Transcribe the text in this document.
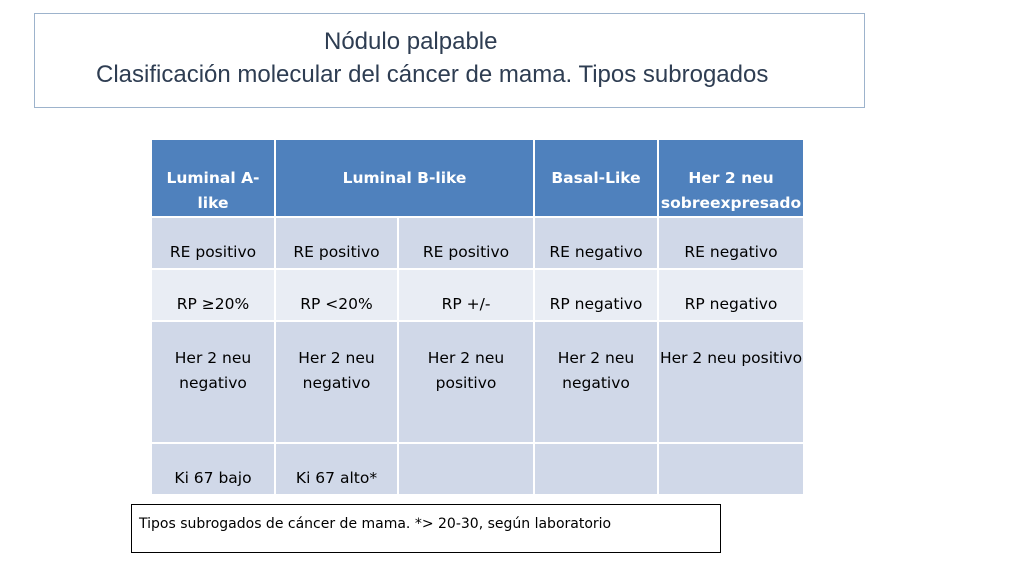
Nódulo palpable
Clasificación molecular del cáncer de mama. Tipos subrogados
Luminal A-like	Luminal B-like		Basal-Like	Her 2 neu sobreexpresado

RE positivo	RE positivo	RE positivo	RE negativo	RE negativo
RP ≥20%	RP <20%	RP +/-	RP negativo	RP negativo
Her 2 neu negativo	Her 2 neu negativo	Her 2 neu positivo	Her 2 neu negativo	Her 2 neu positivo
Ki 67 bajo	Ki 67 alto*			
Tipos subrogados de cáncer de mama. *> 20-30, según laboratorio
